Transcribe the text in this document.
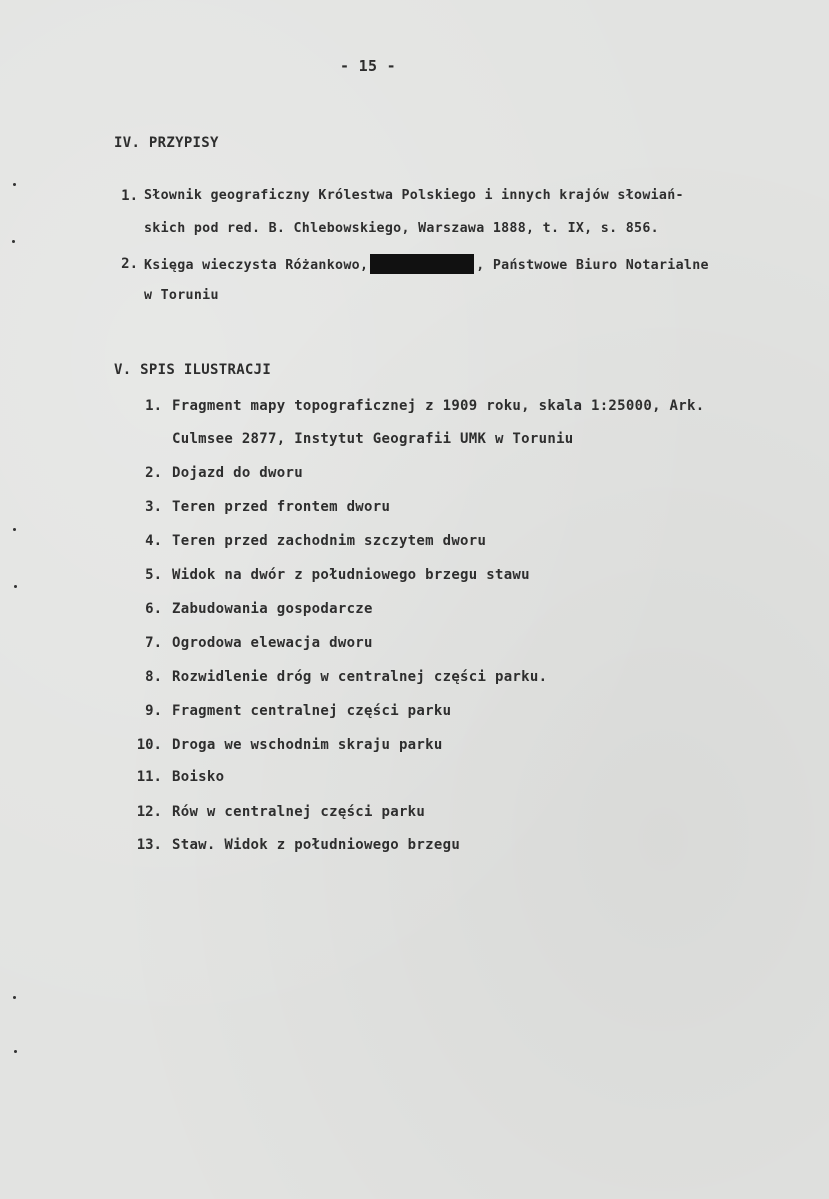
- 15 -
IV. PRZYPISY
1. Słownik geograficzny Królestwa Polskiego i innych krajów słowiań-
skich pod red. B. Chlebowskiego, Warszawa 1888, t. IX, s. 856.
2. Księga wieczysta Różankowo,	, Państwowe Biuro Notarialne
w Toruniu
V. SPIS ILUSTRACJI
1. Fragment mapy topograficznej z 1909 roku, skala 1:25000, Ark.
Culmsee 2877, Instytut Geografii UMK w Toruniu
2. Dojazd do dworu
3. Teren przed frontem dworu
4. Teren przed zachodnim szczytem dworu
5. Widok na dwór z południowego brzegu stawu
6. Zabudowania gospodarcze
7. Ogrodowa elewacja dworu
8. Rozwidlenie dróg w centralnej części parku.
9. Fragment centralnej części parku
10. Droga we wschodnim skraju parku
11. Boisko
12. Rów w centralnej części parku
13. Staw. Widok z południowego brzegu
